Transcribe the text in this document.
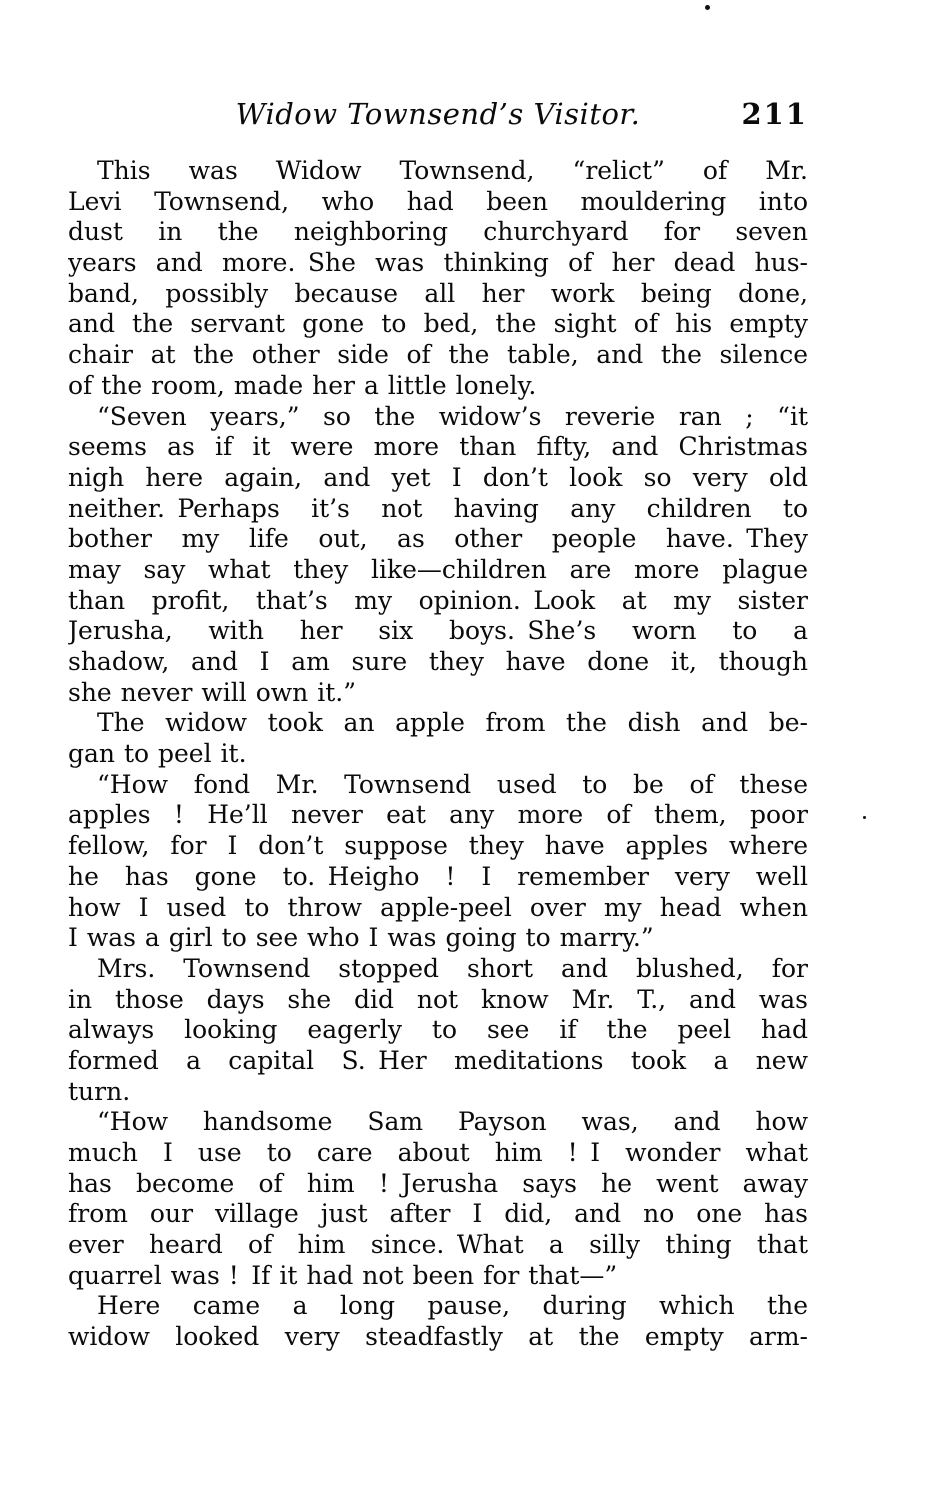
Widow Townsend’s Visitor.	211
This was Widow Townsend, “relict” of Mr.
Levi Townsend, who had been mouldering into
dust in the neighboring churchyard for seven
years and more. She was thinking of her dead hus-
band, possibly because all her work being done,
and the servant gone to bed, the sight of his empty
chair at the other side of the table, and the silence
of the room, made her a little lonely.
“Seven years,” so the widow’s reverie ran ; “it
seems as if it were more than fifty, and Christmas
nigh here again, and yet I don’t look so very old
neither. Perhaps it’s not having any children to
bother my life out, as other people have. They
may say what they like—children are more plague
than profit, that’s my opinion. Look at my sister
Jerusha, with her six boys. She’s worn to a
shadow, and I am sure they have done it, though
she never will own it.”
The widow took an apple from the dish and be-
gan to peel it.
“How fond Mr. Townsend used to be of these
apples ! He’ll never eat any more of them, poor
fellow, for I don’t suppose they have apples where
he has gone to. Heigho ! I remember very well
how I used to throw apple-peel over my head when
I was a girl to see who I was going to marry.”
Mrs. Townsend stopped short and blushed, for
in those days she did not know Mr. T., and was
always looking eagerly to see if the peel had
formed a capital S. Her meditations took a new
turn.
“How handsome Sam Payson was, and how
much I use to care about him ! I wonder what
has become of him ! Jerusha says he went away
from our village just after I did, and no one has
ever heard of him since. What a silly thing that
quarrel was ! If it had not been for that—”
Here came a long pause, during which the
widow looked very steadfastly at the empty arm-
